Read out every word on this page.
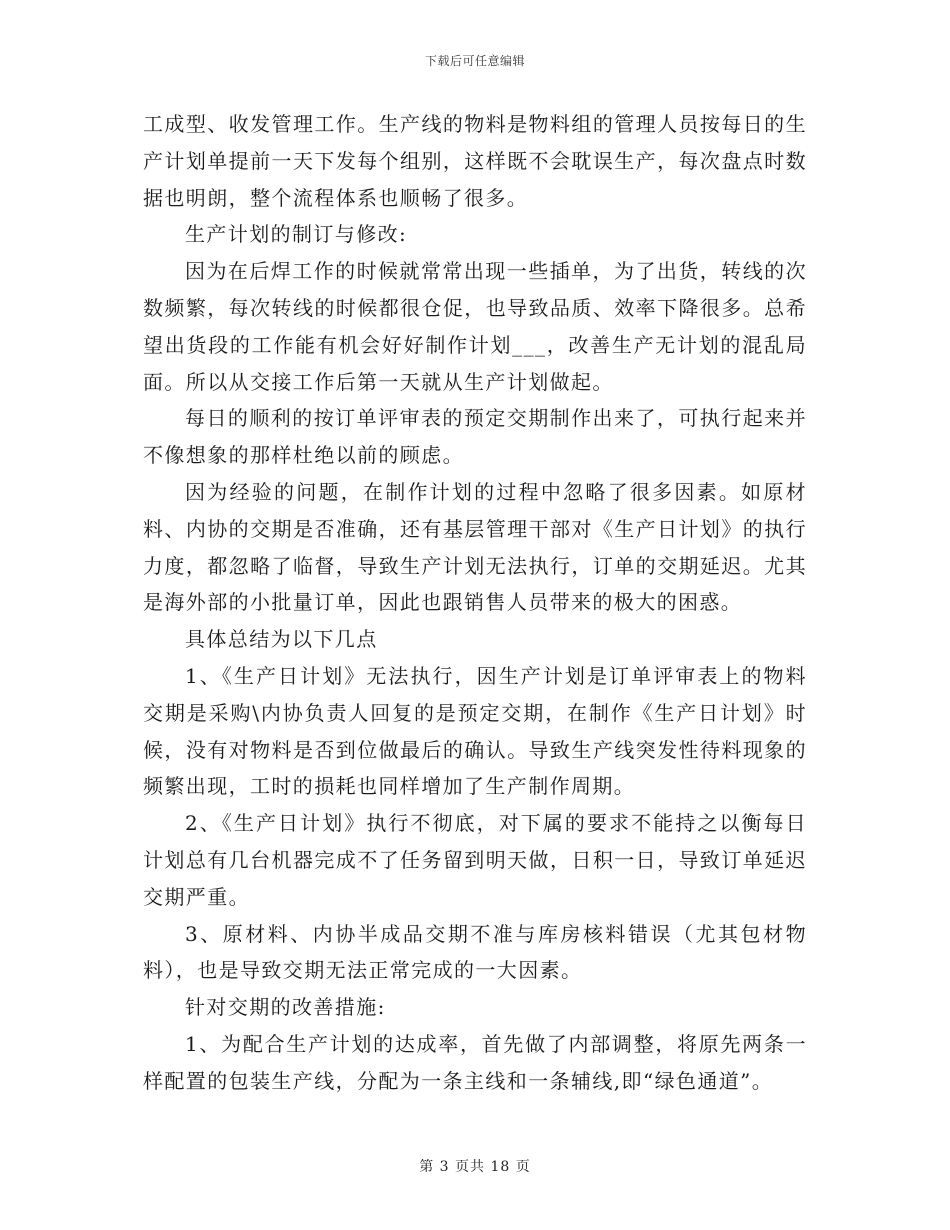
下载后可任意编辑

工成型、收发管理工作。生产线的物料是物料组的管理人员按每日的生产计划单提前一天下发每个组别，这样既不会耽误生产，每次盘点时数据也明朗，整个流程体系也顺畅了很多。

生产计划的制订与修改:

因为在后焊工作的时候就常常出现一些插单，为了出货，转线的次数频繁，每次转线的时候都很仓促，也导致品质、效率下降很多。总希望出货段的工作能有机会好好制作计划___，改善生产无计划的混乱局面。所以从交接工作后第一天就从生产计划做起。

每日的顺利的按订单评审表的预定交期制作出来了，可执行起来并不像想象的那样杜绝以前的顾虑。

因为经验的问题，在制作计划的过程中忽略了很多因素。如原材料、内协的交期是否准确，还有基层管理干部对《生产日计划》的执行力度，都忽略了临督，导致生产计划无法执行，订单的交期延迟。尤其是海外部的小批量订单，因此也跟销售人员带来的极大的困惑。

具体总结为以下几点

1、《生产日计划》无法执行，因生产计划是订单评审表上的物料交期是采购\内协负责人回复的是预定交期，在制作《生产日计划》时候，没有对物料是否到位做最后的确认。导致生产线突发性待料现象的频繁出现，工时的损耗也同样增加了生产制作周期。

2、《生产日计划》执行不彻底，对下属的要求不能持之以衡每日计划总有几台机器完成不了任务留到明天做，日积一日，导致订单延迟交期严重。

3、原材料、内协半成品交期不准与库房核料错误（尤其包材物料），也是导致交期无法正常完成的一大因素。

针对交期的改善措施:

1、为配合生产计划的达成率，首先做了内部调整，将原先两条一样配置的包装生产线，分配为一条主线和一条辅线,即“绿色通道”。

第 3 页共 18 页
